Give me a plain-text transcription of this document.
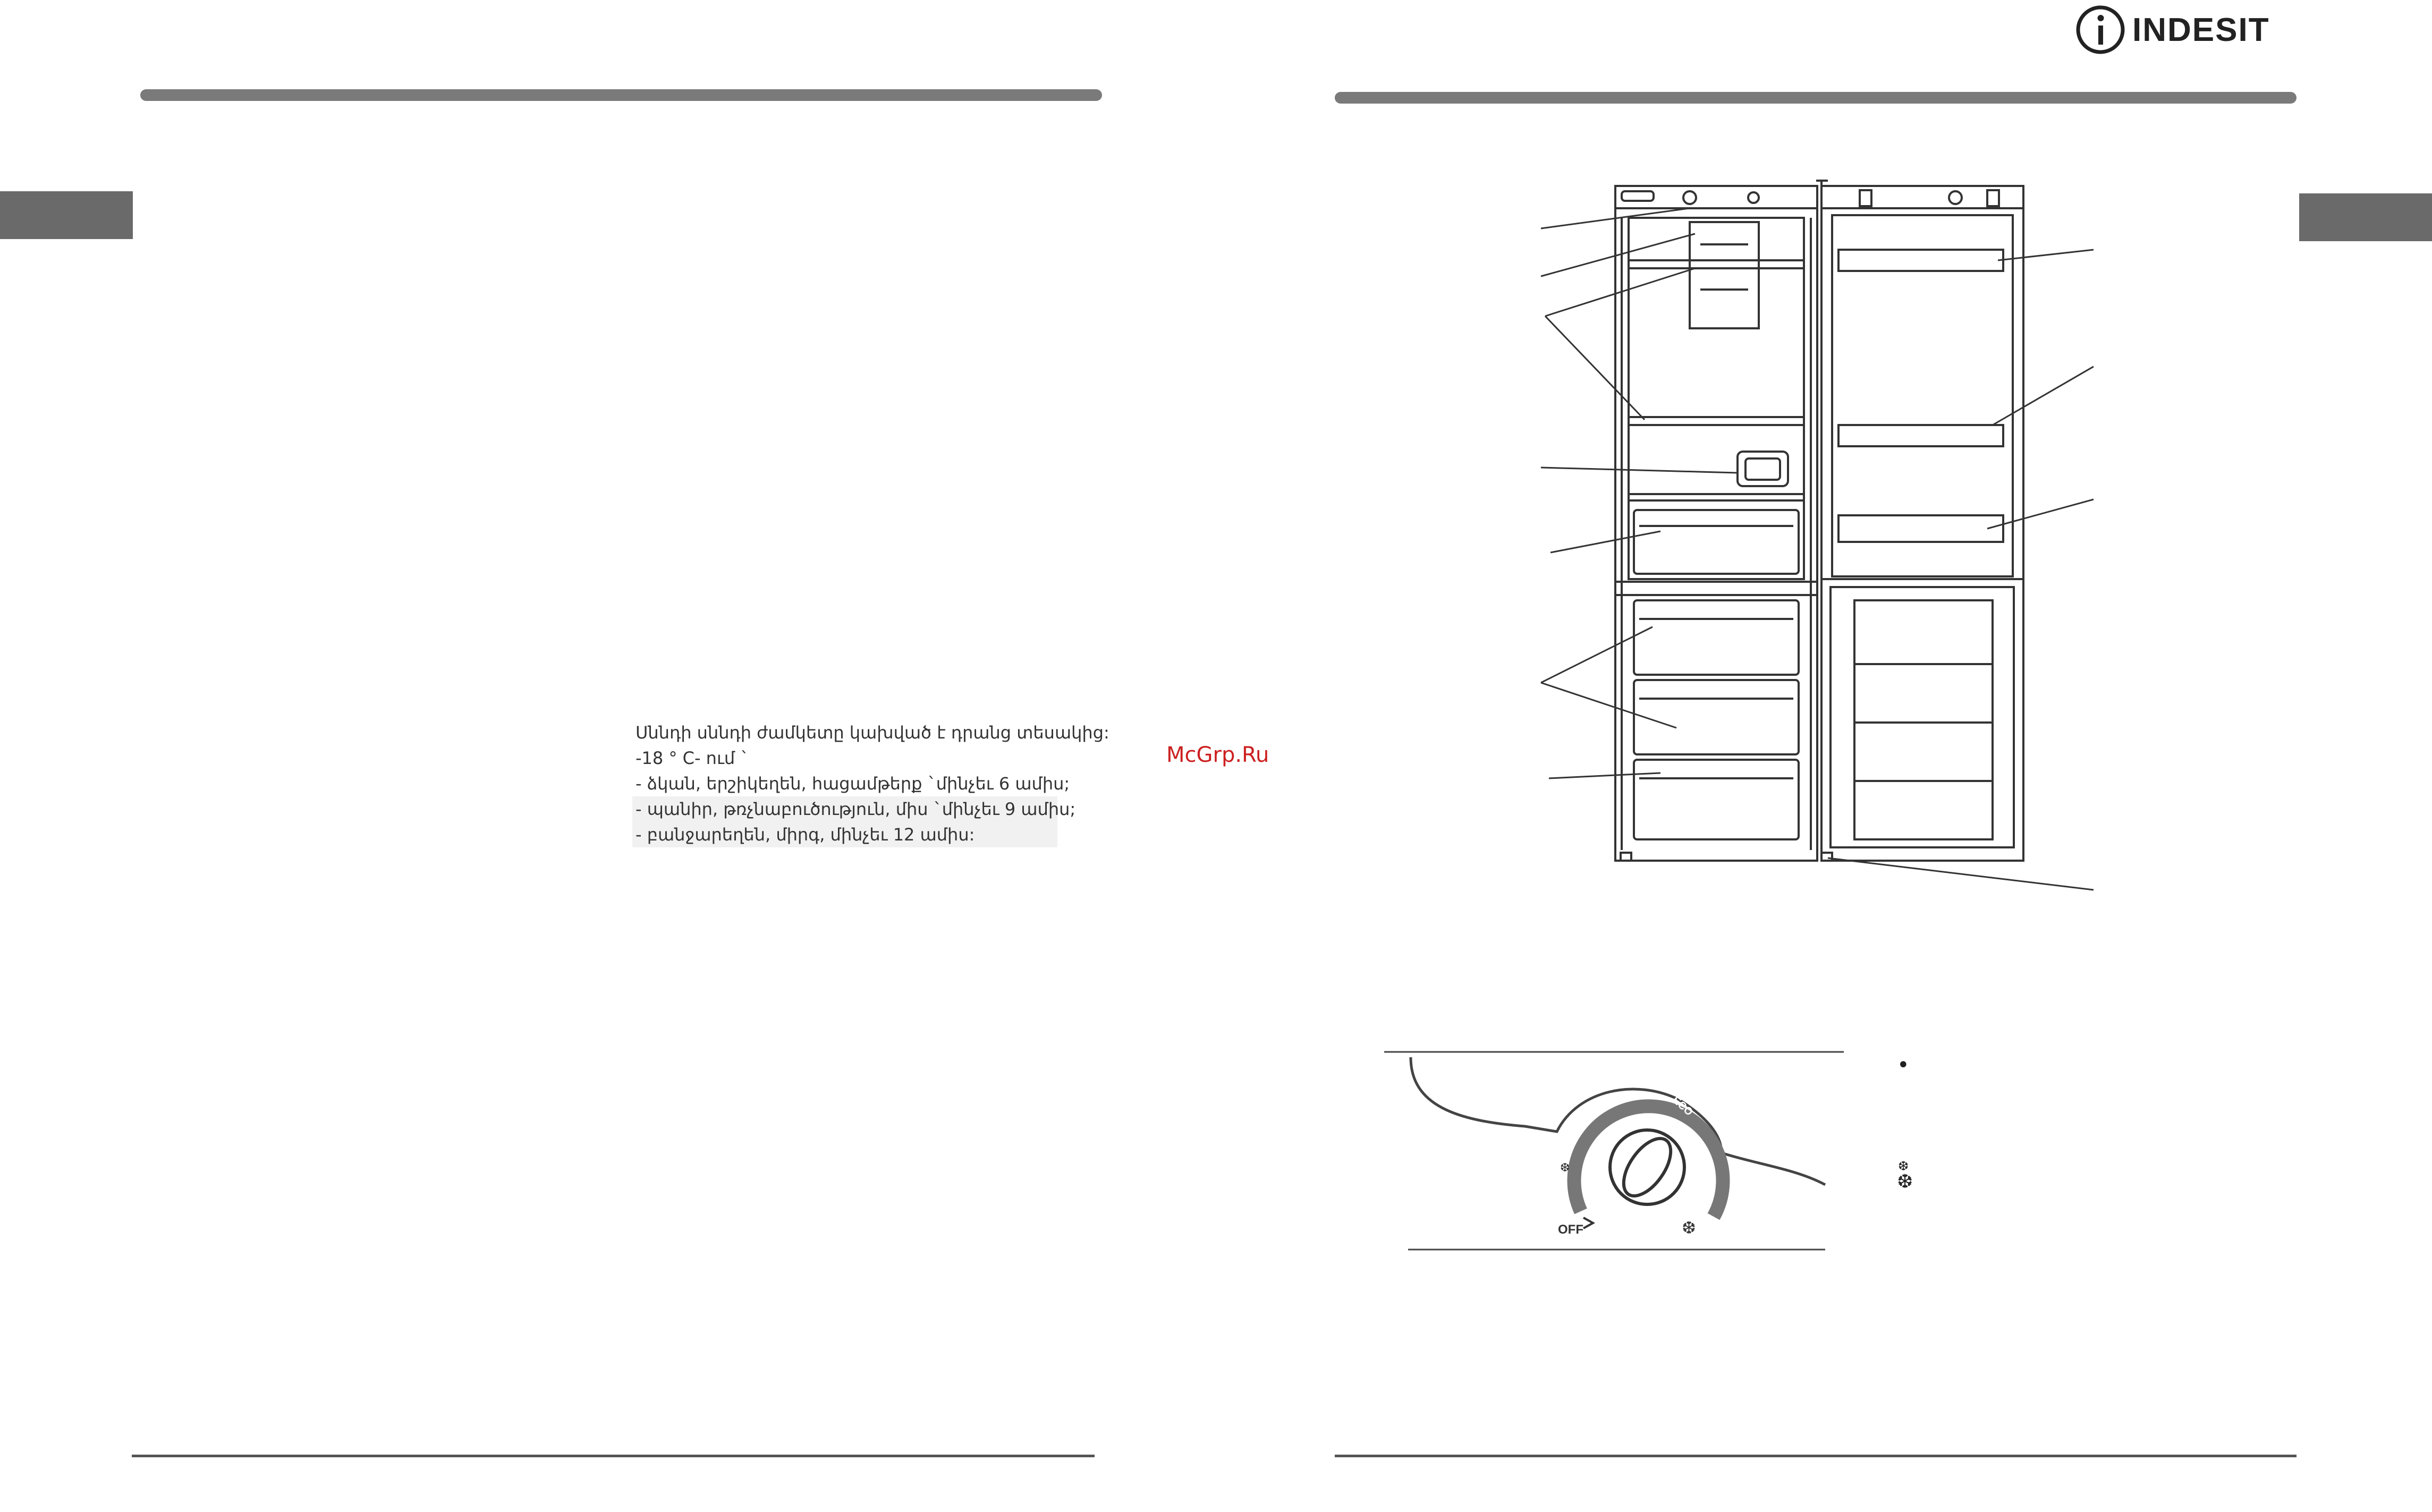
Սննդի սննդի ժամկետը կախված է դրանց տեսակից:
-18 ° C- ում `
- ձկան, երշիկեղեն, հացամթերք `մինչեւ 6 ամիս;
- պանիր, թռչնաբուծություն, միս `մինչեւ 9 ամիս;
- բանջարեղեն, միրգ, մինչեւ 12 ամիս:
McGrp.Ru
INDESIT
OFF
ECO
❆
❆
•
❆
❆
